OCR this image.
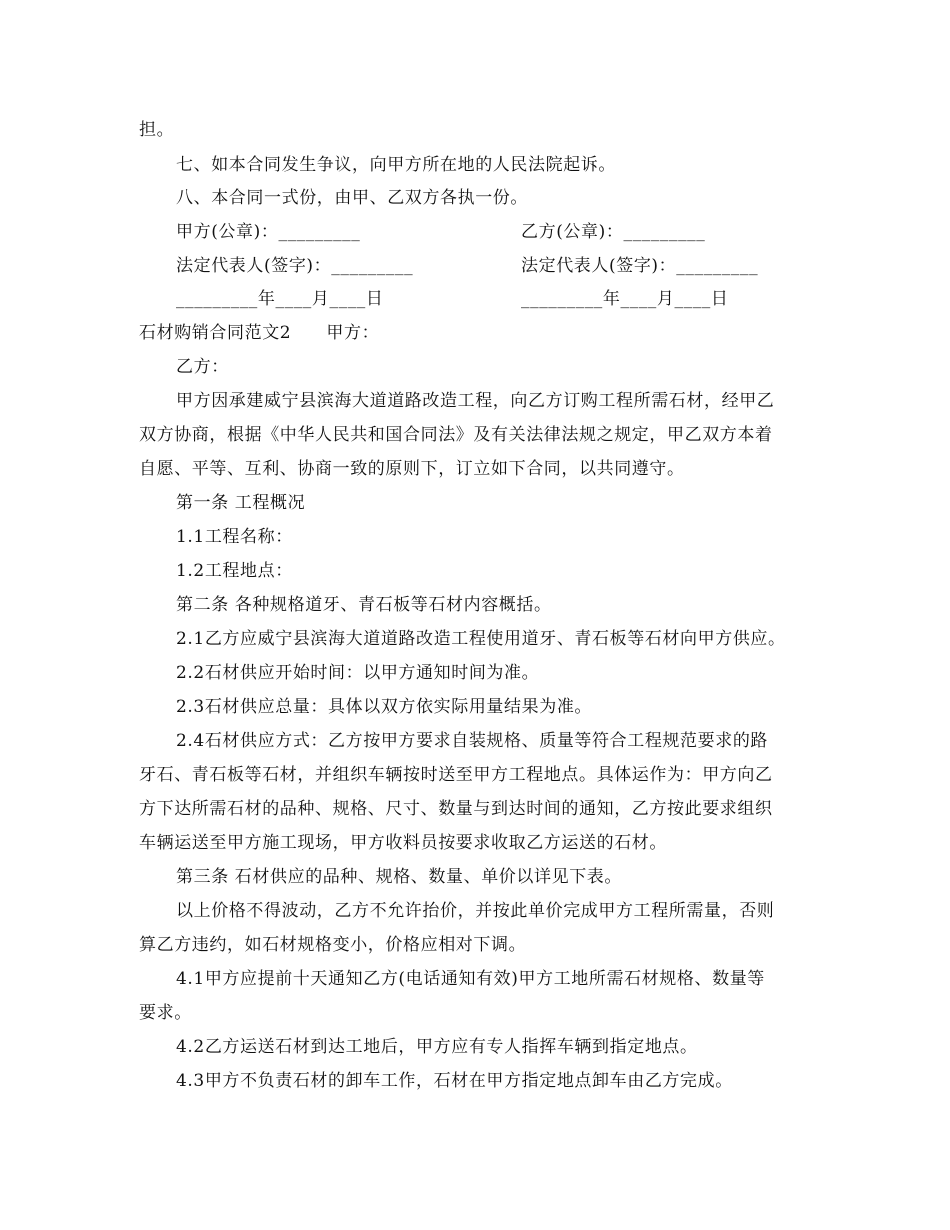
担。
七、如本合同发生争议，向甲方所在地的人民法院起诉。
八、本合同一式份，由甲、乙双方各执一份。
甲方(公章)：_________	乙方(公章)：_________
法定代表人(签字)：_________	法定代表人(签字)：_________
_________年____月____日	_________年____月____日
石材购销合同范文2　　甲方：
乙方：
甲方因承建威宁县滨海大道道路改造工程，向乙方订购工程所需石材，经甲乙
双方协商，根据《中华人民共和国合同法》及有关法律法规之规定，甲乙双方本着
自愿、平等、互利、协商一致的原则下，订立如下合同，以共同遵守。
第一条 工程概况
1.1工程名称：
1.2工程地点：
第二条 各种规格道牙、青石板等石材内容概括。
2.1乙方应威宁县滨海大道道路改造工程使用道牙、青石板等石材向甲方供应。
2.2石材供应开始时间：以甲方通知时间为准。
2.3石材供应总量：具体以双方依实际用量结果为准。
2.4石材供应方式：乙方按甲方要求自装规格、质量等符合工程规范要求的路
牙石、青石板等石材，并组织车辆按时送至甲方工程地点。具体运作为：甲方向乙
方下达所需石材的品种、规格、尺寸、数量与到达时间的通知，乙方按此要求组织
车辆运送至甲方施工现场，甲方收料员按要求收取乙方运送的石材。
第三条 石材供应的品种、规格、数量、单价以详见下表。
以上价格不得波动，乙方不允许抬价，并按此单价完成甲方工程所需量，否则
算乙方违约，如石材规格变小，价格应相对下调。
4.1甲方应提前十天通知乙方(电话通知有效)甲方工地所需石材规格、数量等
要求。
4.2乙方运送石材到达工地后，甲方应有专人指挥车辆到指定地点。
4.3甲方不负责石材的卸车工作，石材在甲方指定地点卸车由乙方完成。
